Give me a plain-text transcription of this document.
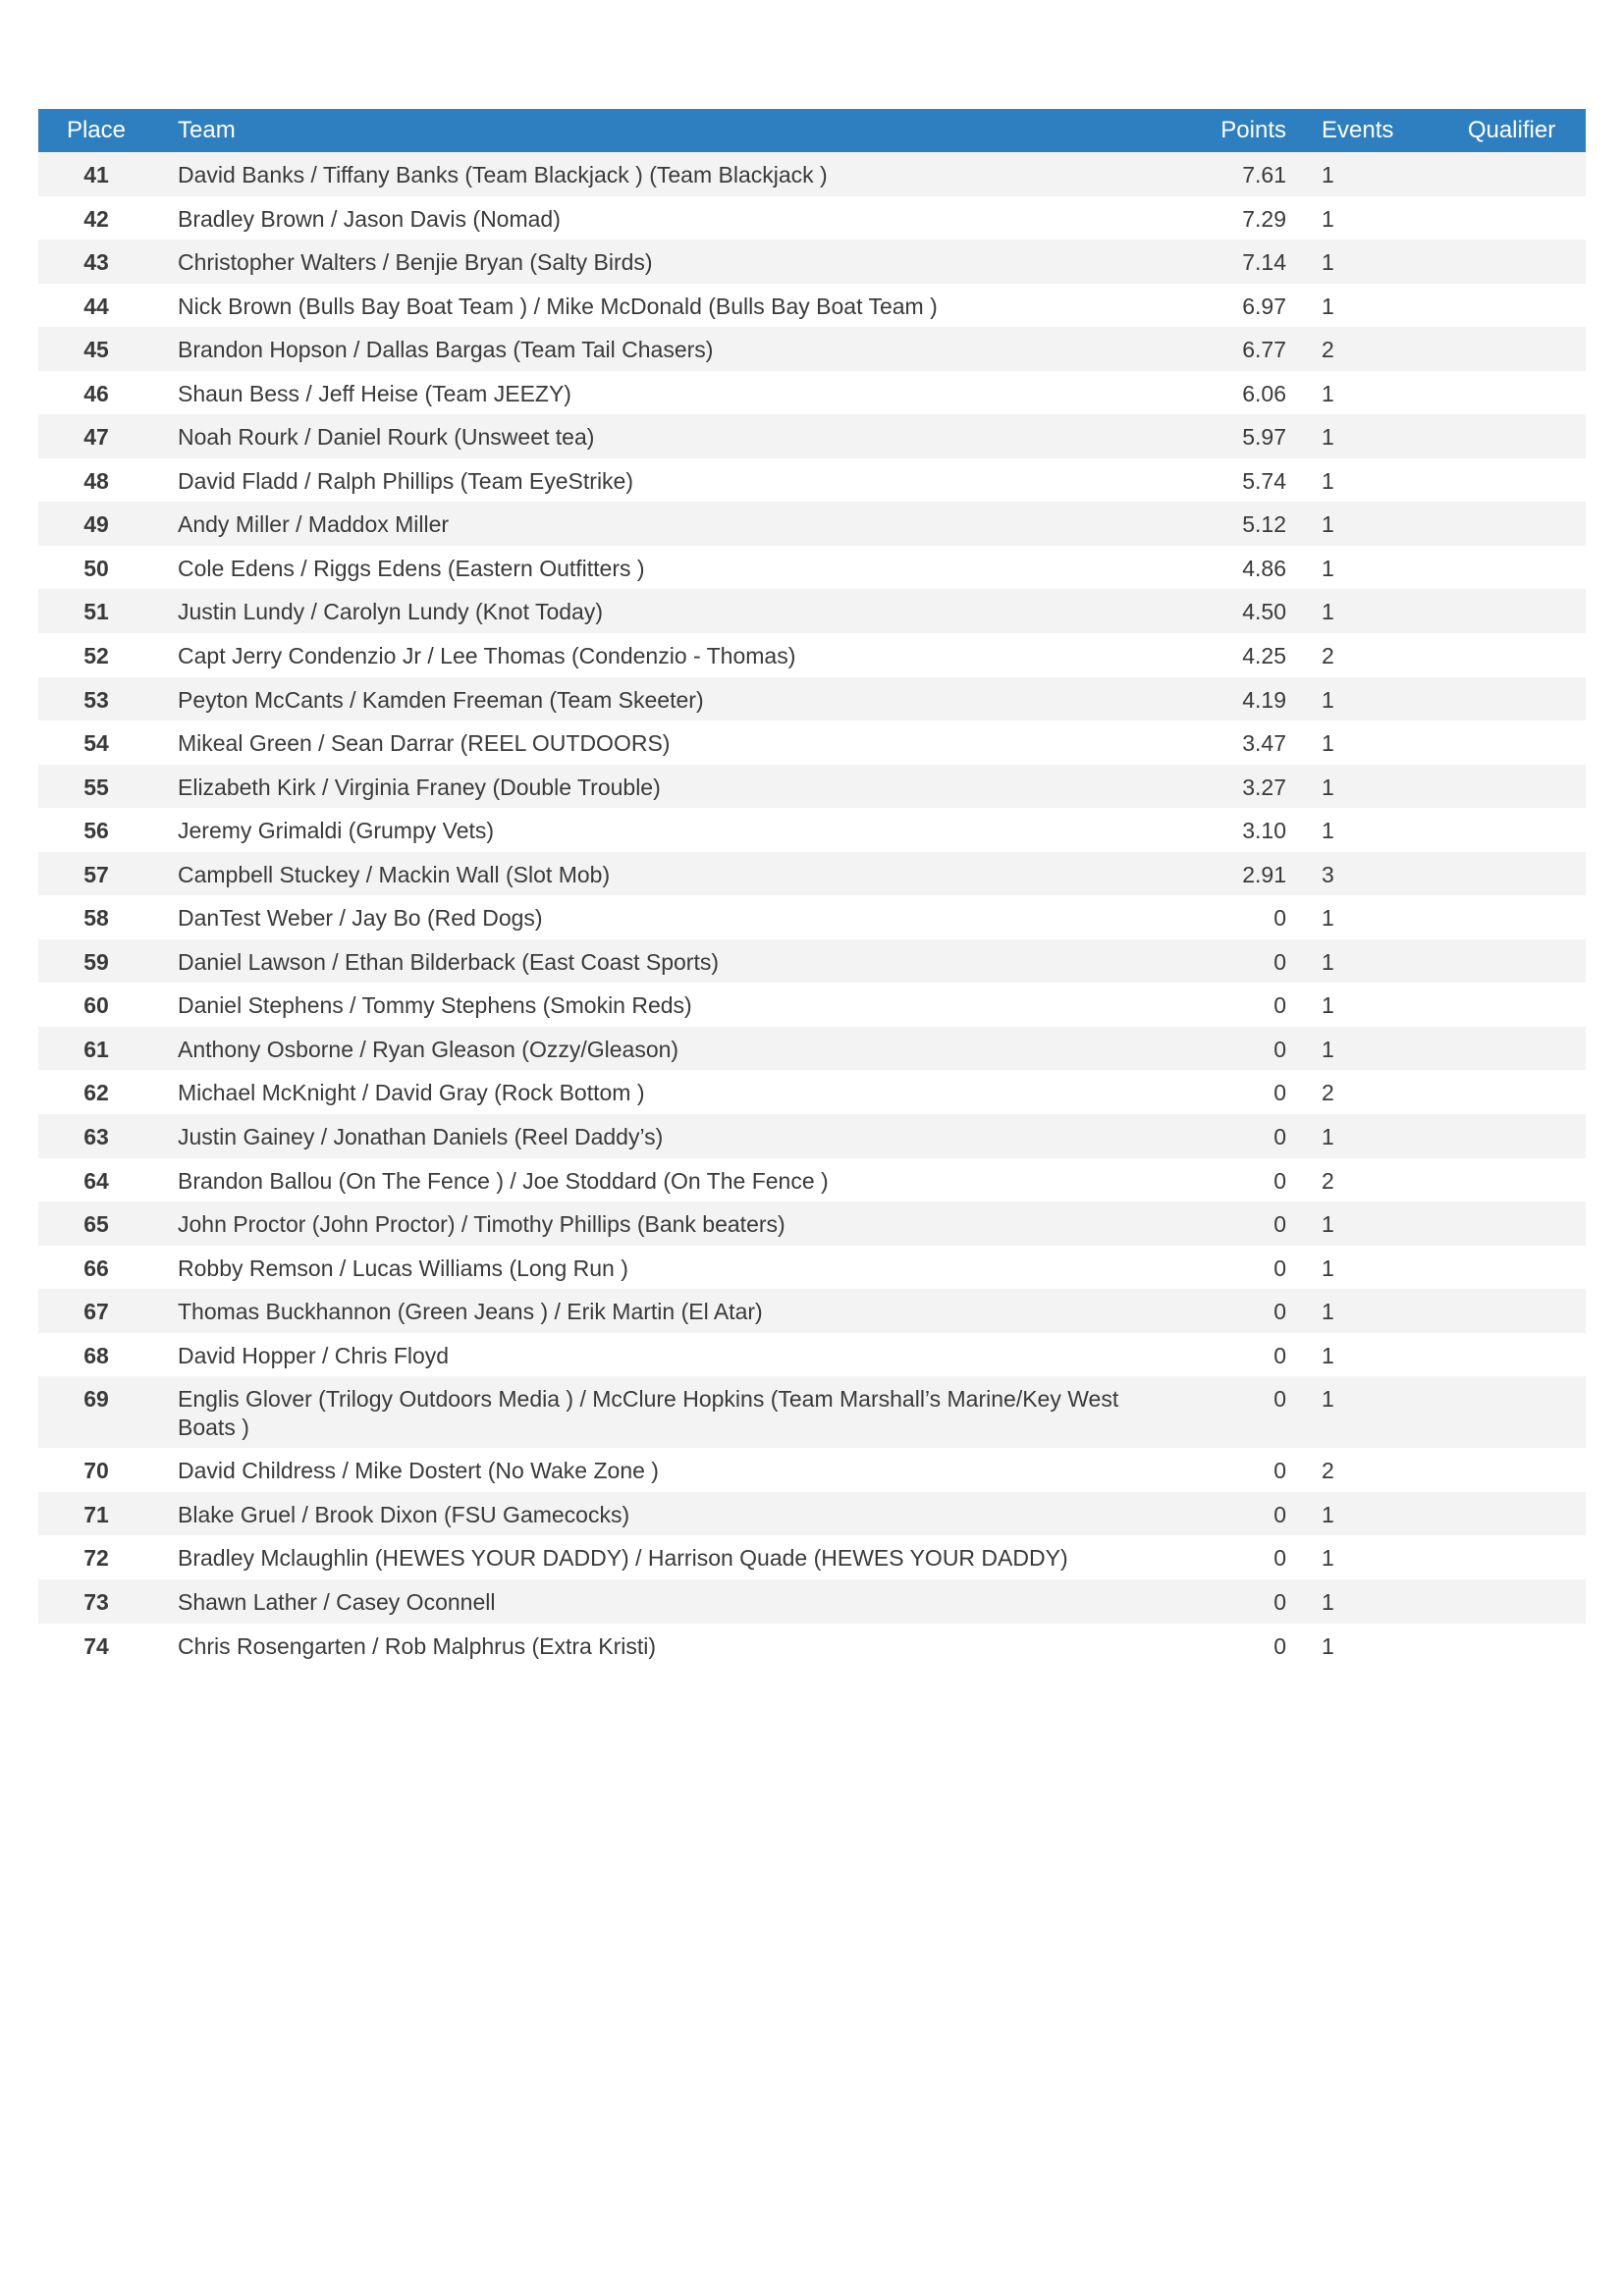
Place	Team	Points	Events	Qualifier
41	David Banks / Tiffany Banks (Team Blackjack ) (Team Blackjack )	7.61	1	
42	Bradley Brown / Jason Davis (Nomad)	7.29	1	
43	Christopher Walters / Benjie Bryan (Salty Birds)	7.14	1	
44	Nick Brown (Bulls Bay Boat Team ) / Mike McDonald (Bulls Bay Boat Team )	6.97	1	
45	Brandon Hopson / Dallas Bargas (Team Tail Chasers)	6.77	2	
46	Shaun Bess / Jeff Heise (Team JEEZY)	6.06	1	
47	Noah Rourk / Daniel Rourk (Unsweet tea)	5.97	1	
48	David Fladd / Ralph Phillips (Team EyeStrike)	5.74	1	
49	Andy Miller / Maddox Miller	5.12	1	
50	Cole Edens / Riggs Edens (Eastern Outfitters )	4.86	1	
51	Justin Lundy / Carolyn Lundy (Knot Today)	4.50	1	
52	Capt Jerry Condenzio Jr / Lee Thomas (Condenzio - Thomas)	4.25	2	
53	Peyton McCants / Kamden Freeman (Team Skeeter)	4.19	1	
54	Mikeal Green / Sean Darrar (REEL OUTDOORS)	3.47	1	
55	Elizabeth Kirk / Virginia Franey (Double Trouble)	3.27	1	
56	Jeremy Grimaldi (Grumpy Vets)	3.10	1	
57	Campbell Stuckey / Mackin Wall (Slot Mob)	2.91	3	
58	DanTest Weber / Jay Bo (Red Dogs)	0	1	
59	Daniel Lawson / Ethan Bilderback (East Coast Sports)	0	1	
60	Daniel Stephens / Tommy Stephens (Smokin Reds)	0	1	
61	Anthony Osborne / Ryan Gleason (Ozzy/Gleason)	0	1	
62	Michael McKnight / David Gray (Rock Bottom )	0	2	
63	Justin Gainey / Jonathan Daniels (Reel Daddy’s)	0	1	
64	Brandon Ballou (On The Fence ) / Joe Stoddard (On The Fence )	0	2	
65	John Proctor (John Proctor) / Timothy Phillips (Bank beaters)	0	1	
66	Robby Remson / Lucas Williams (Long Run )	0	1	
67	Thomas Buckhannon (Green Jeans ) / Erik Martin (El Atar)	0	1	
68	David Hopper / Chris Floyd	0	1	
69	Englis Glover (Trilogy Outdoors Media ) / McClure Hopkins (Team Marshall’s Marine/Key West Boats )	0	1	
70	David Childress / Mike Dostert (No Wake Zone )	0	2	
71	Blake Gruel / Brook Dixon (FSU Gamecocks)	0	1	
72	Bradley Mclaughlin (HEWES YOUR DADDY) / Harrison Quade (HEWES YOUR DADDY)	0	1	
73	Shawn Lather / Casey Oconnell	0	1	
74	Chris Rosengarten / Rob Malphrus (Extra Kristi)	0	1	
